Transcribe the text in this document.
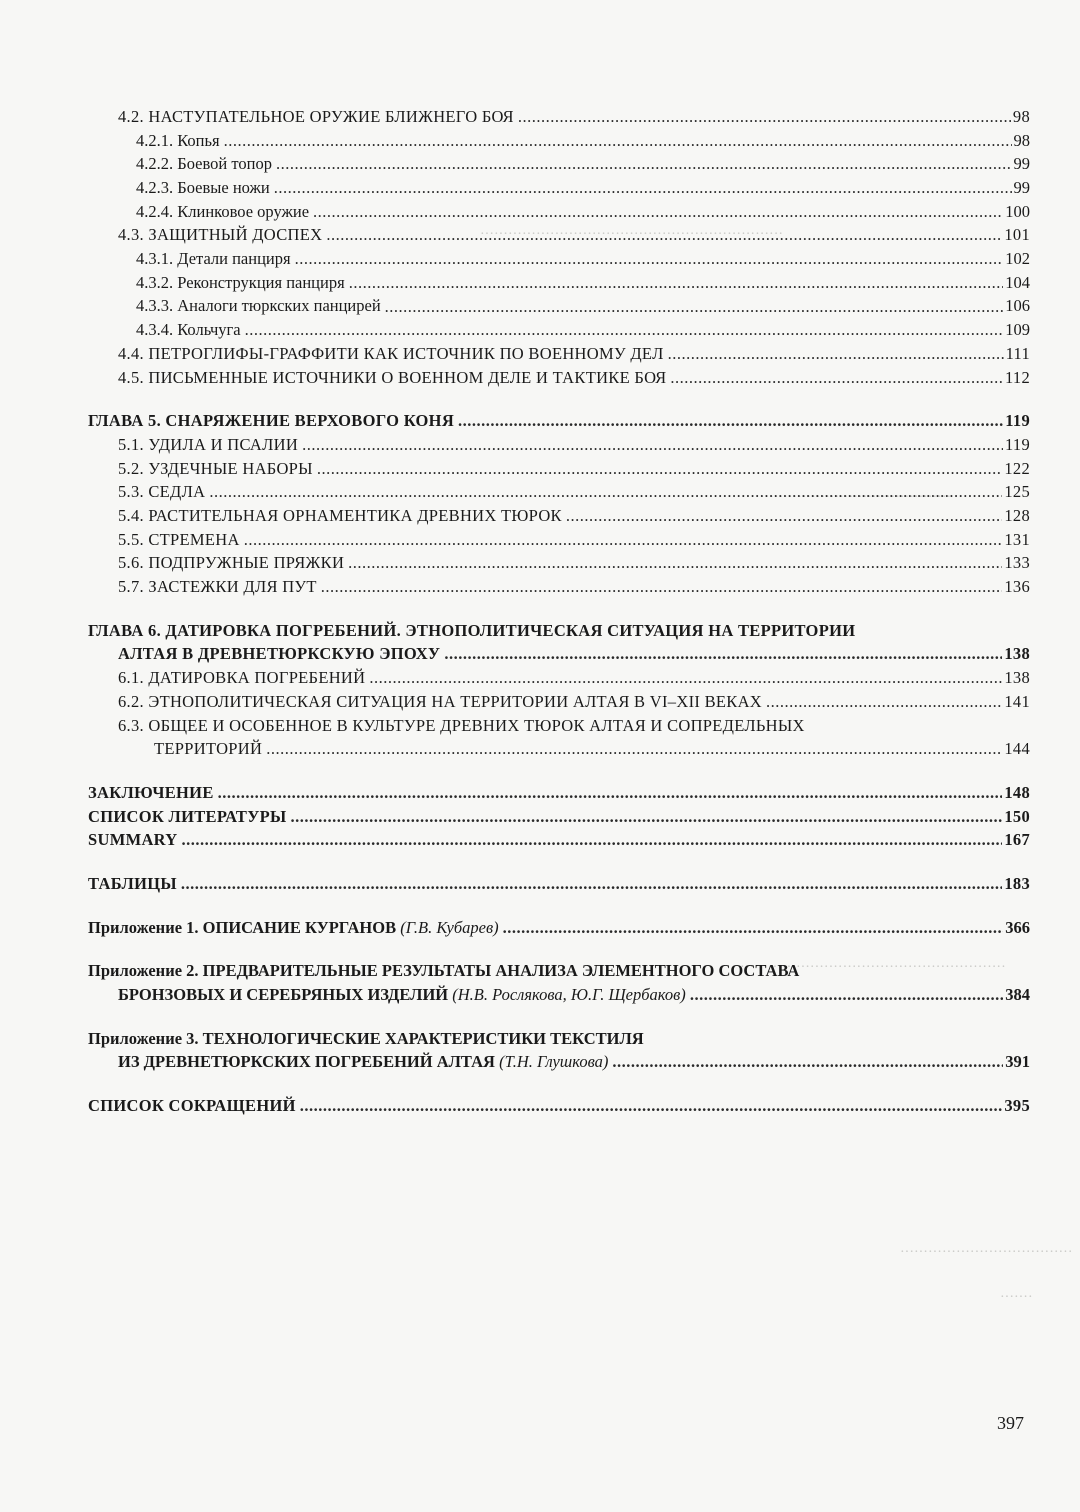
·································································
·········································
·························································
·····································
·······
4.2. НАСТУПАТЕЛЬНОЕ ОРУЖИЕ БЛИЖНЕГО БОЯ .....	98
4.2.1. Копья .....	98
4.2.2. Боевой топор .....	99
4.2.3. Боевые ножи .....	99
4.2.4. Клинковое оружие .....	100
4.3. ЗАЩИТНЫЙ ДОСПЕХ .....	101
4.3.1. Детали панциря .....	102
4.3.2. Реконструкция панциря .....	104
4.3.3. Аналоги тюркских панцирей .....	106
4.3.4. Кольчуга .....	109
4.4. ПЕТРОГЛИФЫ-ГРАФФИТИ КАК ИСТОЧНИК ПО ВОЕННОМУ ДЕЛ .....	111
4.5. ПИСЬМЕННЫЕ ИСТОЧНИКИ О ВОЕННОМ ДЕЛЕ И ТАКТИКЕ БОЯ .....	112
ГЛАВА 5. СНАРЯЖЕНИЕ ВЕРХОВОГО КОНЯ .....	119
5.1. УДИЛА И ПСАЛИИ .....	119
5.2. УЗДЕЧНЫЕ НАБОРЫ .....	122
5.3. СЕДЛА .....	125
5.4. РАСТИТЕЛЬНАЯ ОРНАМЕНТИКА ДРЕВНИХ ТЮРОК .....	128
5.5. СТРЕМЕНА .....	131
5.6. ПОДПРУЖНЫЕ ПРЯЖКИ .....	133
5.7. ЗАСТЕЖКИ ДЛЯ ПУТ .....	136
ГЛАВА 6. ДАТИРОВКА ПОГРЕБЕНИЙ. ЭТНОПОЛИТИЧЕСКАЯ СИТУАЦИЯ НА ТЕРРИТОРИИ
АЛТАЯ В ДРЕВНЕТЮРКСКУЮ ЭПОХУ .....	138
6.1. ДАТИРОВКА ПОГРЕБЕНИЙ .....	138
6.2. ЭТНОПОЛИТИЧЕСКАЯ СИТУАЦИЯ НА ТЕРРИТОРИИ АЛТАЯ В VI–XII ВЕКАХ .....	141
6.3. ОБЩЕЕ И ОСОБЕННОЕ В КУЛЬТУРЕ ДРЕВНИХ ТЮРОК АЛТАЯ И СОПРЕДЕЛЬНЫХ
ТЕРРИТОРИЙ .....	144
ЗАКЛЮЧЕНИЕ .....	148
СПИСОК ЛИТЕРАТУРЫ .....	150
SUMMARY .....	167
ТАБЛИЦЫ .....	183
Приложение 1. ОПИСАНИЕ КУРГАНОВ (Г.В. Кубарев) .....	366
Приложение 2. ПРЕДВАРИТЕЛЬНЫЕ РЕЗУЛЬТАТЫ АНАЛИЗА ЭЛЕМЕНТНОГО СОСТАВА
БРОНЗОВЫХ И СЕРЕБРЯНЫХ ИЗДЕЛИЙ (Н.В. Рослякова, Ю.Г. Щербаков) .....	384
Приложение 3. ТЕХНОЛОГИЧЕСКИЕ ХАРАКТЕРИСТИКИ ТЕКСТИЛЯ
ИЗ ДРЕВНЕТЮРКСКИХ ПОГРЕБЕНИЙ АЛТАЯ (Т.Н. Глушкова) .....	391
СПИСОК СОКРАЩЕНИЙ .....	395
397
